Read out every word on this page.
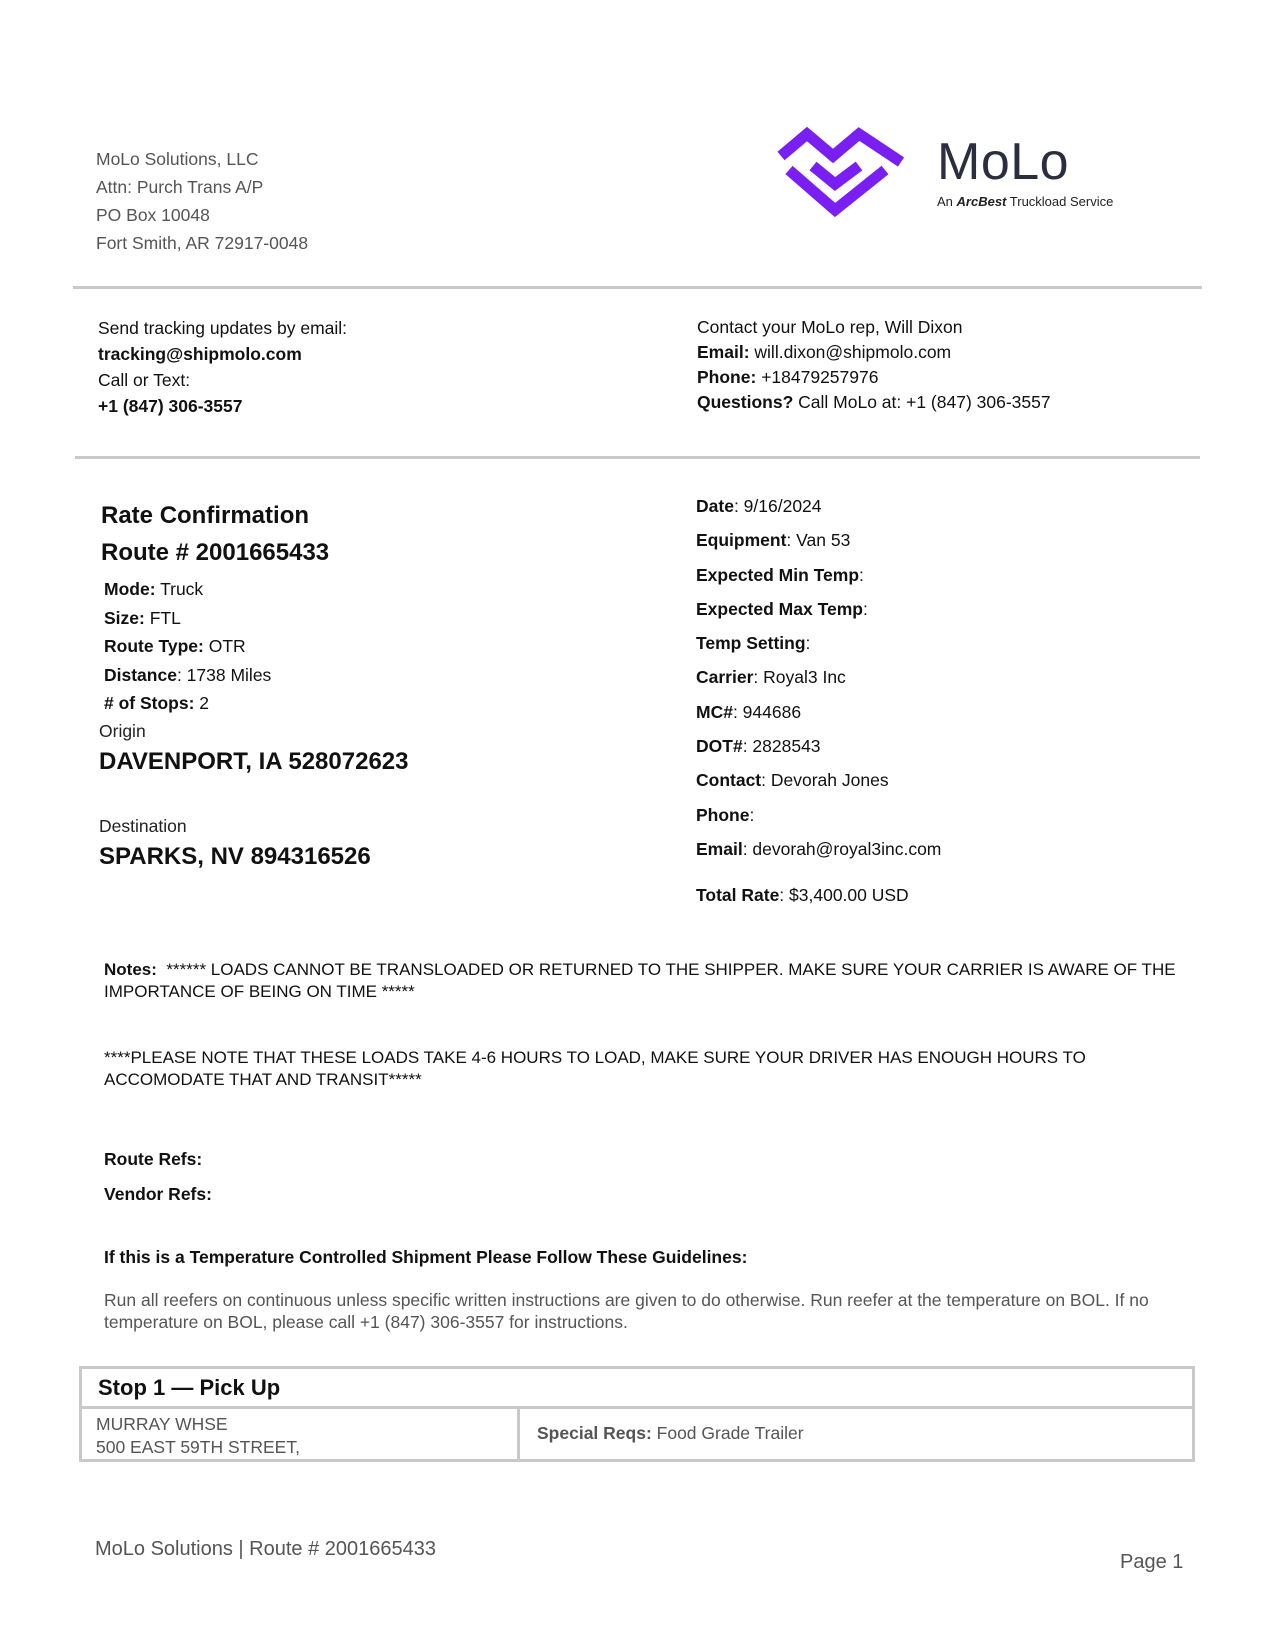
MoLo Solutions, LLC
Attn: Purch Trans A/P
PO Box 10048
Fort Smith, AR 72917-0048
MoLo
An ArcBest Truckload Service
Send tracking updates by email:
tracking@shipmolo.com
Call or Text:
+1 (847) 306-3557
Contact your MoLo rep, Will Dixon
Email: will.dixon@shipmolo.com
Phone: +18479257976
Questions? Call MoLo at: +1 (847) 306-3557
Rate Confirmation
Route # 2001665433
Mode: Truck
Size: FTL
Route Type: OTR
Distance: 1738 Miles
# of Stops: 2
Origin
DAVENPORT, IA 528072623
Destination
SPARKS, NV 894316526
Date: 9/16/2024
Equipment: Van 53
Expected Min Temp:
Expected Max Temp:
Temp Setting:
Carrier: Royal3 Inc
MC#: 944686
DOT#: 2828543
Contact: Devorah Jones
Phone:
Email: devorah@royal3inc.com
Total Rate: $3,400.00 USD
Notes: ****** LOADS CANNOT BE TRANSLOADED OR RETURNED TO THE SHIPPER. MAKE SURE YOUR CARRIER IS AWARE OF THE IMPORTANCE OF BEING ON TIME *****
****PLEASE NOTE THAT THESE LOADS TAKE 4-6 HOURS TO LOAD, MAKE SURE YOUR DRIVER HAS ENOUGH HOURS TO ACCOMODATE THAT AND TRANSIT*****
Route Refs:
Vendor Refs:
If this is a Temperature Controlled Shipment Please Follow These Guidelines:
Run all reefers on continuous unless specific written instructions are given to do otherwise. Run reefer at the temperature on BOL. If no temperature on BOL, please call +1 (847) 306-3557 for instructions.
Stop 1 — Pick Up
MURRAY WHSE
500 EAST 59TH STREET,
Special Reqs: Food Grade Trailer
MoLo Solutions | Route # 2001665433
Page 1
